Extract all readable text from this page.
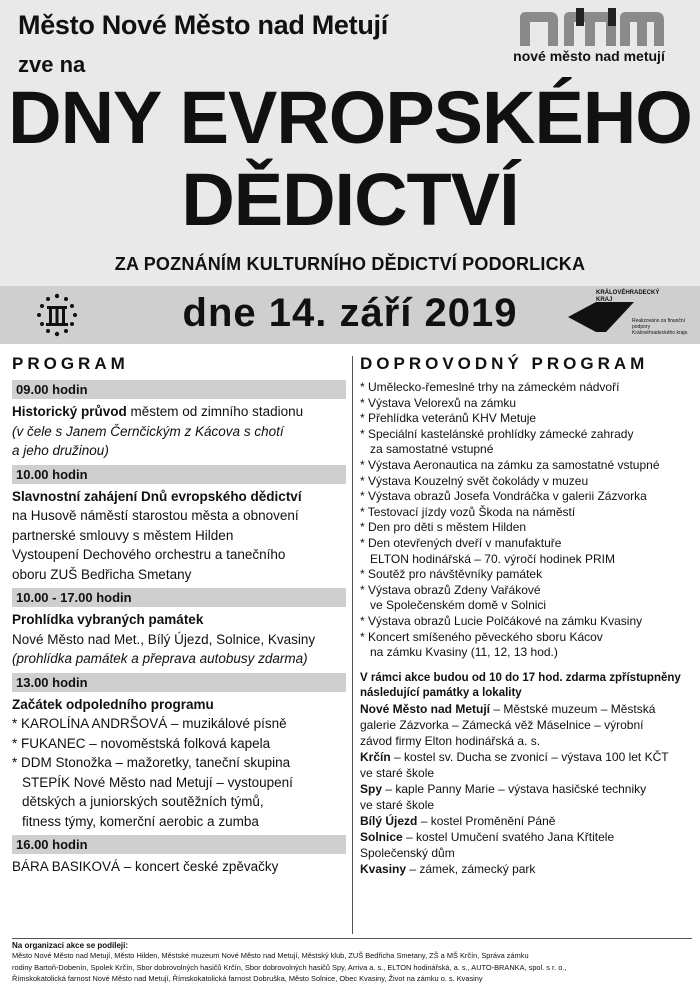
Město Nové Město nad Metují
zve na	nové město nad metují
DNY EVROPSKÉHO
DĚDICTVÍ
ZA POZNÁNÍM KULTURNÍHO DĚDICTVÍ PODORLICKA
dne 14. září 2019	KRÁLOVÉHRADECKÝ KRAJ
Realizováno za finanční podpory Královéhradeckého kraje.
PROGRAM
09.00 hodin
Historický průvod městem od zimního stadionu
(v čele s Janem Černčickým z Kácova s chotí
a jeho družinou)
10.00 hodin
Slavnostní zahájení Dnů evropského dědictví
na Husově náměstí starostou města a obnovení
partnerské smlouvy s městem Hilden
Vystoupení Dechového orchestru a tanečního
oboru ZUŠ Bedřicha Smetany
10.00 - 17.00 hodin
Prohlídka vybraných památek
Nové Město nad Met., Bílý Újezd, Solnice, Kvasiny
(prohlídka památek a přeprava autobusy zdarma)
13.00 hodin
Začátek odpoledního programu
* KAROLÍNA ANDRŠOVÁ – muzikálové písně
* FUKANEC – novoměstská folková kapela
* DDM Stonožka – mažoretky, taneční skupina
STEPÍK Nové Město nad Metují – vystoupení
dětských a juniorských soutěžních týmů,
fitness týmy, komerční aerobic a zumba
16.00 hodin
BÁRA BASIKOVÁ – koncert české zpěvačky
DOPROVODNÝ PROGRAM
* Umělecko-řemeslné trhy na zámeckém nádvoří
* Výstava Velorexů na zámku
* Přehlídka veteránů KHV Metuje
* Speciální kastelánské prohlídky zámecké zahrady
za samostatné vstupné
* Výstava Aeronautica na zámku za samostatné vstupné
* Výstava Kouzelný svět čokolády v muzeu
* Výstava obrazů Josefa Vondráčka v galerii Zázvorka
* Testovací jízdy vozů Škoda na náměstí
* Den pro děti s městem Hilden
* Den otevřených dveří v manufaktuře
ELTON hodinářská – 70. výročí hodinek PRIM
* Soutěž pro návštěvníky památek
* Výstava obrazů Zdeny Vařákové
ve Společenském domě v Solnici
* Výstava obrazů Lucie Polčákové na zámku Kvasiny
* Koncert smíšeného pěveckého sboru Kácov
na zámku Kvasiny (11, 12, 13 hod.)
V rámci akce budou od 10 do 17 hod. zdarma zpřístupněny následující památky a lokality
Nové Město nad Metují – Městské muzeum – Městská
galerie Zázvorka – Zámecká věž Máselnice – výrobní
závod firmy Elton hodinářská a. s.
Krčín – kostel sv. Ducha se zvonicí – výstava 100 let KČT
ve staré škole
Spy – kaple Panny Marie – výstava hasičské techniky
ve staré škole
Bílý Újezd – kostel Proměnění Páně
Solnice – kostel Umučení svatého Jana Křtitele
Společenský dům
Kvasiny – zámek, zámecký park
Na organizaci akce se podílejí:
Město Nové Město nad Metují, Město Hilden, Městské muzeum Nové Město nad Metují, Městský klub, ZUŠ Bedřicha Smetany, ZŠ a MŠ Krčín, Správa zámku
rodiny Bartoň-Dobenín, Spolek Krčín, Sbor dobrovolných hasičů Krčín, Sbor dobrovolných hasičů Spy, Arriva a. s., ELTON hodinářská, a. s., AUTO-BRANKA, spol. s r. o.,
Římskokatolická farnost Nové Město nad Metují, Římskokatolická farnost Dobruška, Město Solnice, Obec Kvasiny, Život na zámku o. s. Kvasiny
